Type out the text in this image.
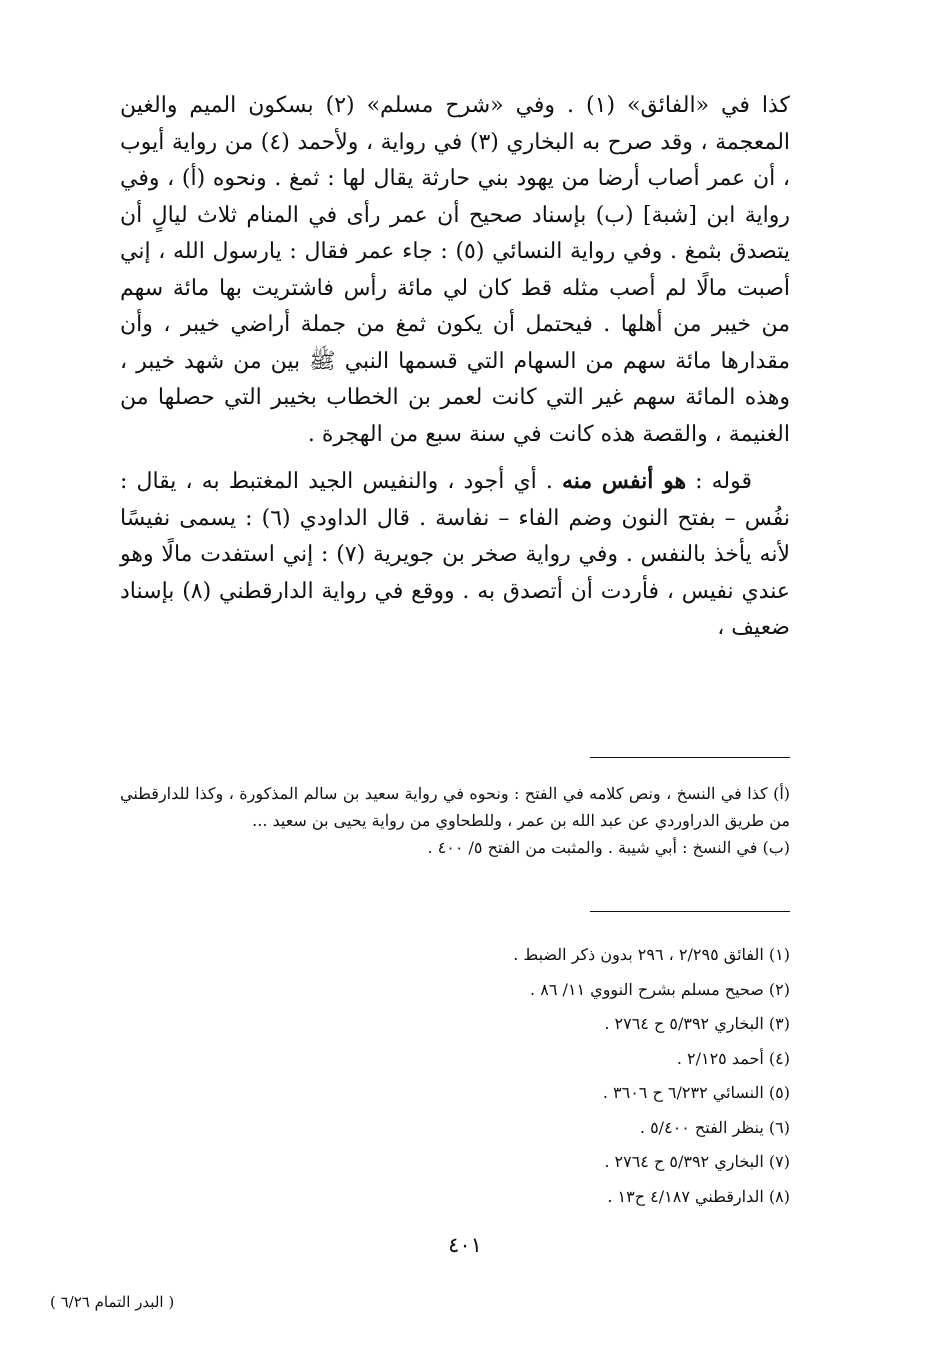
كذا في «الفائق» (١) . وفي «شرح مسلم» (٢) بسكون الميم والغين المعجمة ، وقد صرح به البخاري (٣) في رواية ، ولأحمد (٤) من رواية أيوب ، أن عمر أصاب أرضا من يهود بني حارثة يقال لها : ثمغ . ونحوه (أ) ، وفي رواية ابن [شبة] (ب) بإسناد صحيح أن عمر رأى في المنام ثلاث ليالٍ أن يتصدق بثمغ . وفي رواية النسائي (٥) : جاء عمر فقال : يارسول الله ، إني أصبت مالًا لم أصب مثله قط كان لي مائة رأس فاشتريت بها مائة سهم من خيبر من أهلها . فيحتمل أن يكون ثمغ من جملة أراضي خيبر ، وأن مقدارها مائة سهم من السهام التي قسمها النبي ﷺ بين من شهد خيبر ، وهذه المائة سهم غير التي كانت لعمر بن الخطاب بخيبر التي حصلها من الغنيمة ، والقصة هذه كانت في سنة سبع من الهجرة .

قوله : هو أنفس منه . أي أجود ، والنفيس الجيد المغتبط به ، يقال : نفُس – بفتح النون وضم الفاء – نفاسة . قال الداودي (٦) : يسمى نفيسًا لأنه يأخذ بالنفس . وفي رواية صخر بن جويرية (٧) : إني استفدت مالًا وهو عندي نفيس ، فأردت أن أتصدق به . ووقع في رواية الدارقطني (٨) بإسناد ضعيف ،

(أ) كذا في النسخ ، ونص كلامه في الفتح : ونحوه في رواية سعيد بن سالم المذكورة ، وكذا للدارقطني من طريق الدراوردي عن عبد الله بن عمر ، وللطحاوي من رواية يحيى بن سعيد ...

(ب) في النسخ : أبي شيبة . والمثبت من الفتح ٥/ ٤٠٠ .

(١) الفائق ٢/٢٩٥ ، ٢٩٦ بدون ذكر الضبط .

(٢) صحيح مسلم بشرح النووي ١١/ ٨٦ .

(٣) البخاري ٥/٣٩٢ ح ٢٧٦٤ .

(٤) أحمد ٢/١٢٥ .

(٥) النسائي ٦/٢٣٢ ح ٣٦٠٦ .

(٦) ينظر الفتح ٥/٤٠٠ .

(٧) البخاري ٥/٣٩٢ ح ٢٧٦٤ .

(٨) الدارقطني ٤/١٨٧ ح١٣ .

٤٠١
( البدر التمام ٦/٢٦ )
